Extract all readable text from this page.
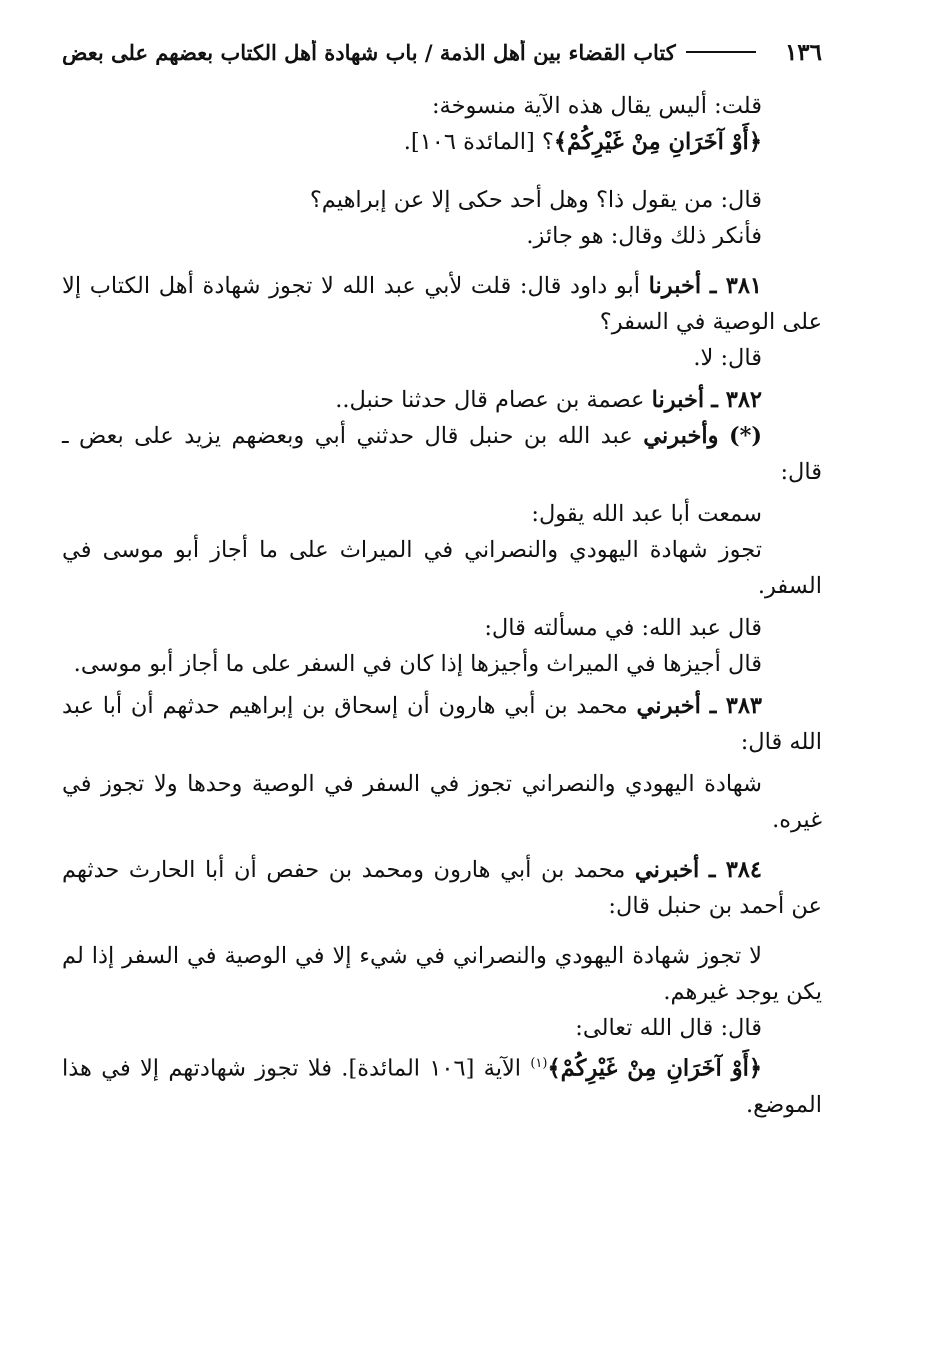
١٣٦
كتاب القضاء بين أهل الذمة / باب شهادة أهل الكتاب بعضهم على بعض

قلت: أليس يقال هذه الآية منسوخة:
﴿أَوْ آخَرَانِ مِنْ غَيْرِكُمْ﴾؟ [المائدة ١٠٦].

قال: من يقول ذا؟ وهل أحد حكى إلا عن إبراهيم؟
فأنكر ذلك وقال: هو جائز.

٣٨١ ـ أخبرنا أبو داود قال: قلت لأبي عبد الله لا تجوز شهادة أهل الكتاب إلا على الوصية في السفر؟

قال: لا.

٣٨٢ ـ أخبرنا عصمة بن عصام قال حدثنا حنبل..

(*) وأخبرني عبد الله بن حنبل قال حدثني أبي وبعضهم يزيد على بعض ـ قال:

سمعت أبا عبد الله يقول:

تجوز شهادة اليهودي والنصراني في الميراث على ما أجاز أبو موسى في السفر.

قال عبد الله: في مسألته قال:

قال أجيزها في الميراث وأجيزها إذا كان في السفر على ما أجاز أبو موسى.

٣٨٣ ـ أخبرني محمد بن أبي هارون أن إسحاق بن إبراهيم حدثهم أن أبا عبد الله قال:

شهادة اليهودي والنصراني تجوز في السفر في الوصية وحدها ولا تجوز في غيره.

٣٨٤ ـ أخبرني محمد بن أبي هارون ومحمد بن حفص أن أبا الحارث حدثهم عن أحمد بن حنبل قال:

لا تجوز شهادة اليهودي والنصراني في شيء إلا في الوصية في السفر إذا لم يكن يوجد غيرهم.

قال: قال الله تعالى:

﴿أَوْ آخَرَانِ مِنْ غَيْرِكُمْ﴾$^{(١)}$ الآية [١٠٦ المائدة]. فلا تجوز شهادتهم إلا في هذا الموضع.
